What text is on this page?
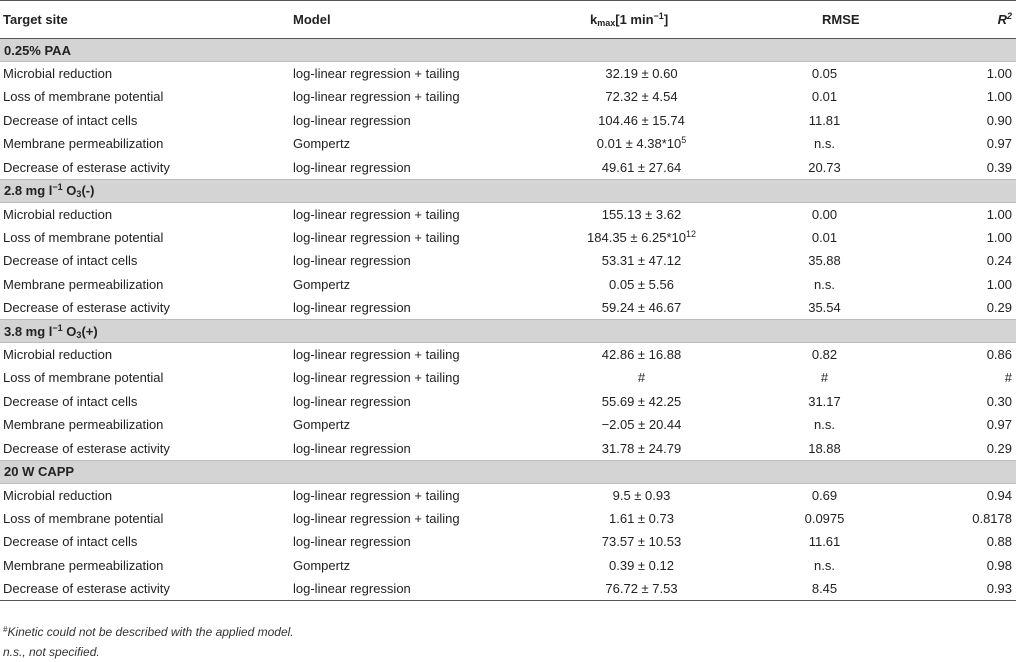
Target site	Model	$k_{max}[1$ $\min^{-1}$]	RMSE	$R^2$
0.25% PAA				
Microbial reduction	log-linear regression + tailing	32.19 ± 0.60	0.05	1.00
Loss of membrane potential	log-linear regression + tailing	72.32 ± 4.54	0.01	1.00
Decrease of intact cells	log-linear regression	104.46 ± 15.74	11.81	0.90
Membrane permeabilization	Gompertz	$0.01 \pm 4.38*10^5$	n.s.	0.97
Decrease of esterase activity	log-linear regression	49.61 ± 27.64	20.73	0.39
2.8 mg $l^{-1}$ $O_3(-)$				
Microbial reduction	log-linear regression + tailing	155.13 ± 3.62	0.00	1.00
Loss of membrane potential	log-linear regression + tailing	$184.35 \pm 6.25*10^{12}$	0.01	1.00
Decrease of intact cells	log-linear regression	53.31 ± 47.12	35.88	0.24
Membrane permeabilization	Gompertz	0.05 ± 5.56	n.s.	1.00
Decrease of esterase activity	log-linear regression	59.24 ± 46.67	35.54	0.29
3.8 mg $l^{-1}$ $O_3(+)$				
Microbial reduction	log-linear regression + tailing	42.86 ± 16.88	0.82	0.86
Loss of membrane potential	log-linear regression + tailing	#	#	#
Decrease of intact cells	log-linear regression	55.69 ± 42.25	31.17	0.30
Membrane permeabilization	Gompertz	−2.05 ± 20.44	n.s.	0.97
Decrease of esterase activity	log-linear regression	31.78 ± 24.79	18.88	0.29
20 W CAPP				
Microbial reduction	log-linear regression + tailing	9.5 ± 0.93	0.69	0.94
Loss of membrane potential	log-linear regression + tailing	1.61 ± 0.73	0.0975	0.8178
Decrease of intact cells	log-linear regression	73.57 ± 10.53	11.61	0.88
Membrane permeabilization	Gompertz	0.39 ± 0.12	n.s.	0.98
Decrease of esterase activity	log-linear regression	76.72 ± 7.53	8.45	0.93
#Kinetic could not be described with the applied model.
n.s., not specified.
